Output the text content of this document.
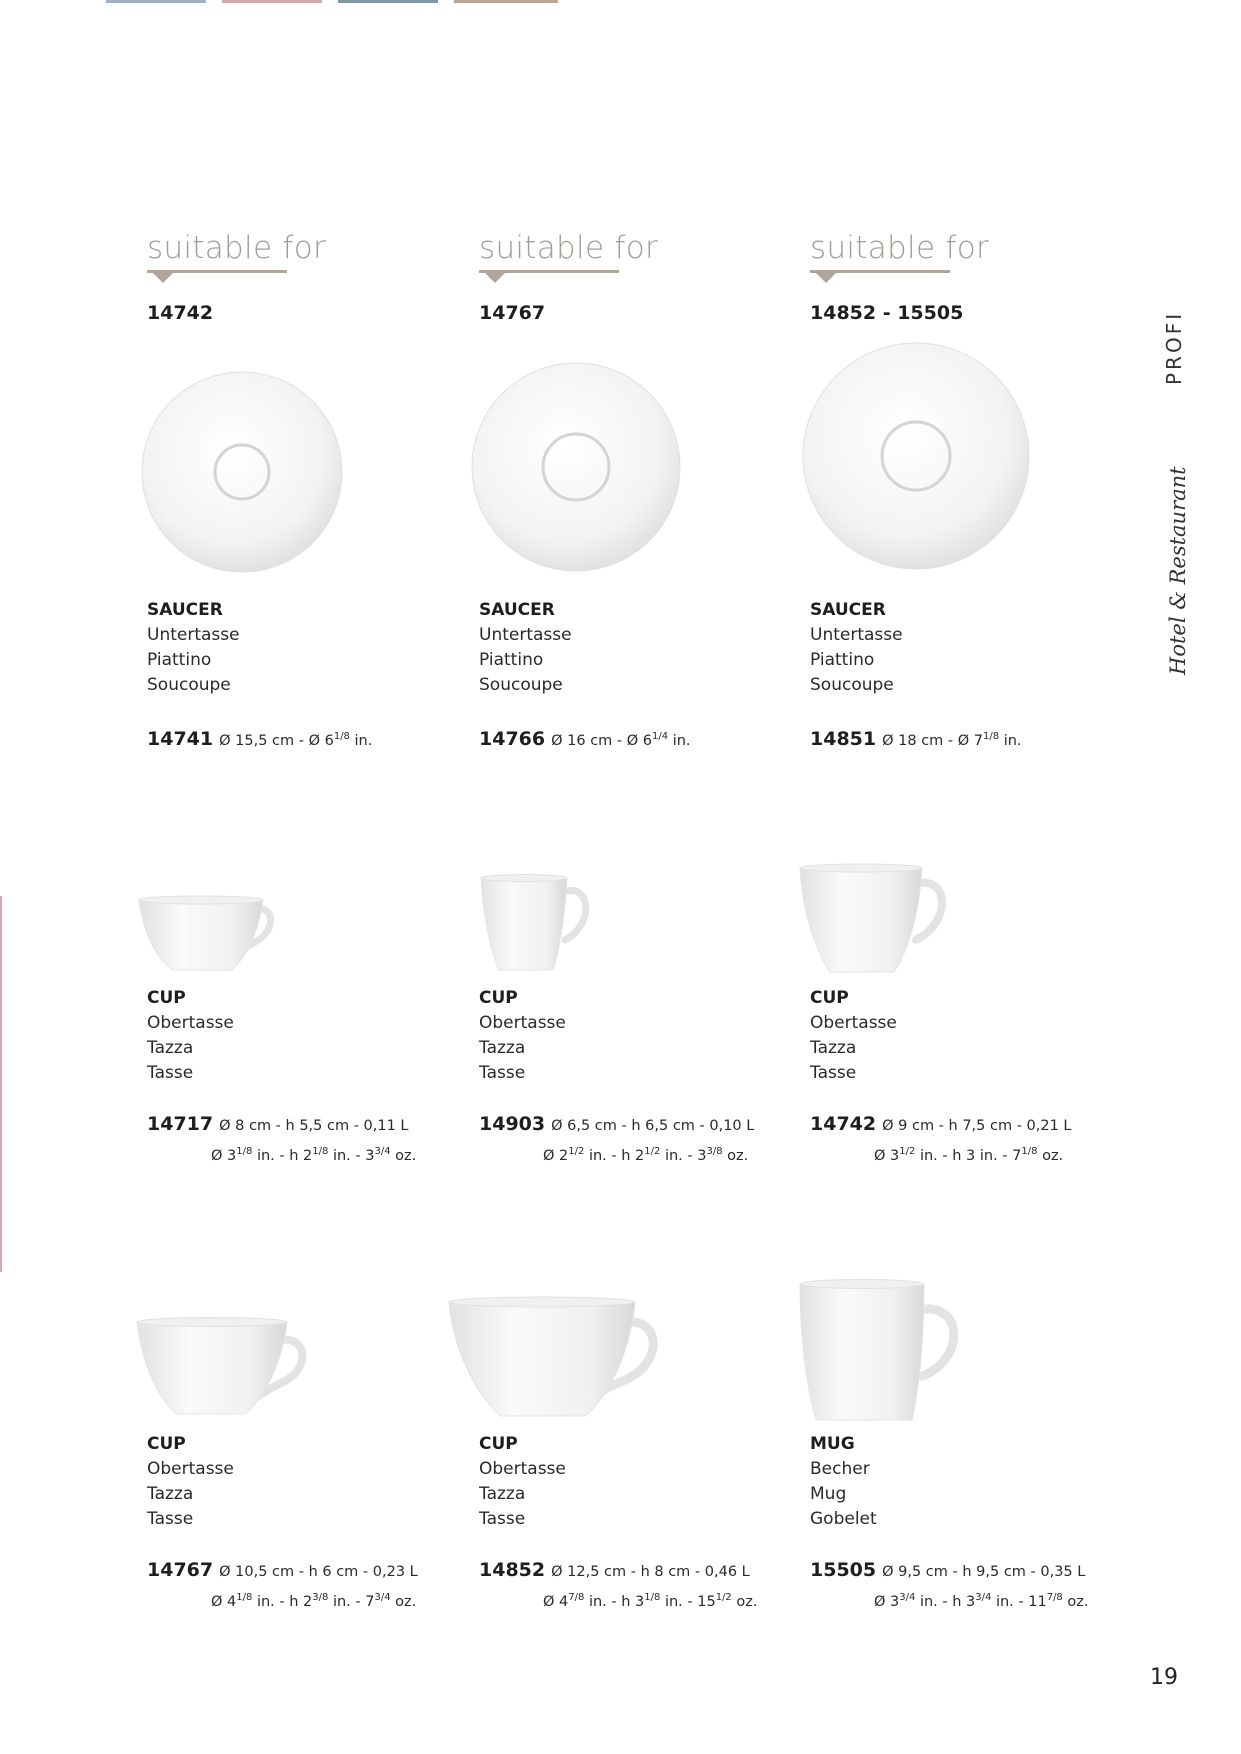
PROFI
Hotel & Restaurant
suitable for
14742
suitable for
14767
suitable for
14852 - 15505
SAUCER
Untertasse
Piattino
Soucoupe
14741 Ø 15,5 cm - Ø $6^{1/8}$ in.
SAUCER
Untertasse
Piattino
Soucoupe
14766 Ø 16 cm - Ø $6^{1/4}$ in.
SAUCER
Untertasse
Piattino
Soucoupe
14851 Ø 18 cm - Ø $7^{1/8}$ in.
CUP
Obertasse
Tazza
Tasse
14717 Ø 8 cm - h 5,5 cm - 0,11 L
Ø $3^{1/8}$ in. - h $2^{1/8}$ in. - $3^{3/4}$ oz.
CUP
Obertasse
Tazza
Tasse
14903 Ø 6,5 cm - h 6,5 cm - 0,10 L
Ø $2^{1/2}$ in. - h $2^{1/2}$ in. - $3^{3/8}$ oz.
CUP
Obertasse
Tazza
Tasse
14742 Ø 9 cm - h 7,5 cm - 0,21 L
Ø $3^{1/2}$ in. - h 3 in. - $7^{1/8}$ oz.
CUP
Obertasse
Tazza
Tasse
14767 Ø 10,5 cm - h 6 cm - 0,23 L
Ø $4^{1/8}$ in. - h $2^{3/8}$ in. - $7^{3/4}$ oz.
CUP
Obertasse
Tazza
Tasse
14852 Ø 12,5 cm - h 8 cm - 0,46 L
Ø $4^{7/8}$ in. - h $3^{1/8}$ in. - $15^{1/2}$ oz.
MUG
Becher
Mug
Gobelet
15505 Ø 9,5 cm - h 9,5 cm - 0,35 L
Ø $3^{3/4}$ in. - h $3^{3/4}$ in. - $11^{7/8}$ oz.
19
